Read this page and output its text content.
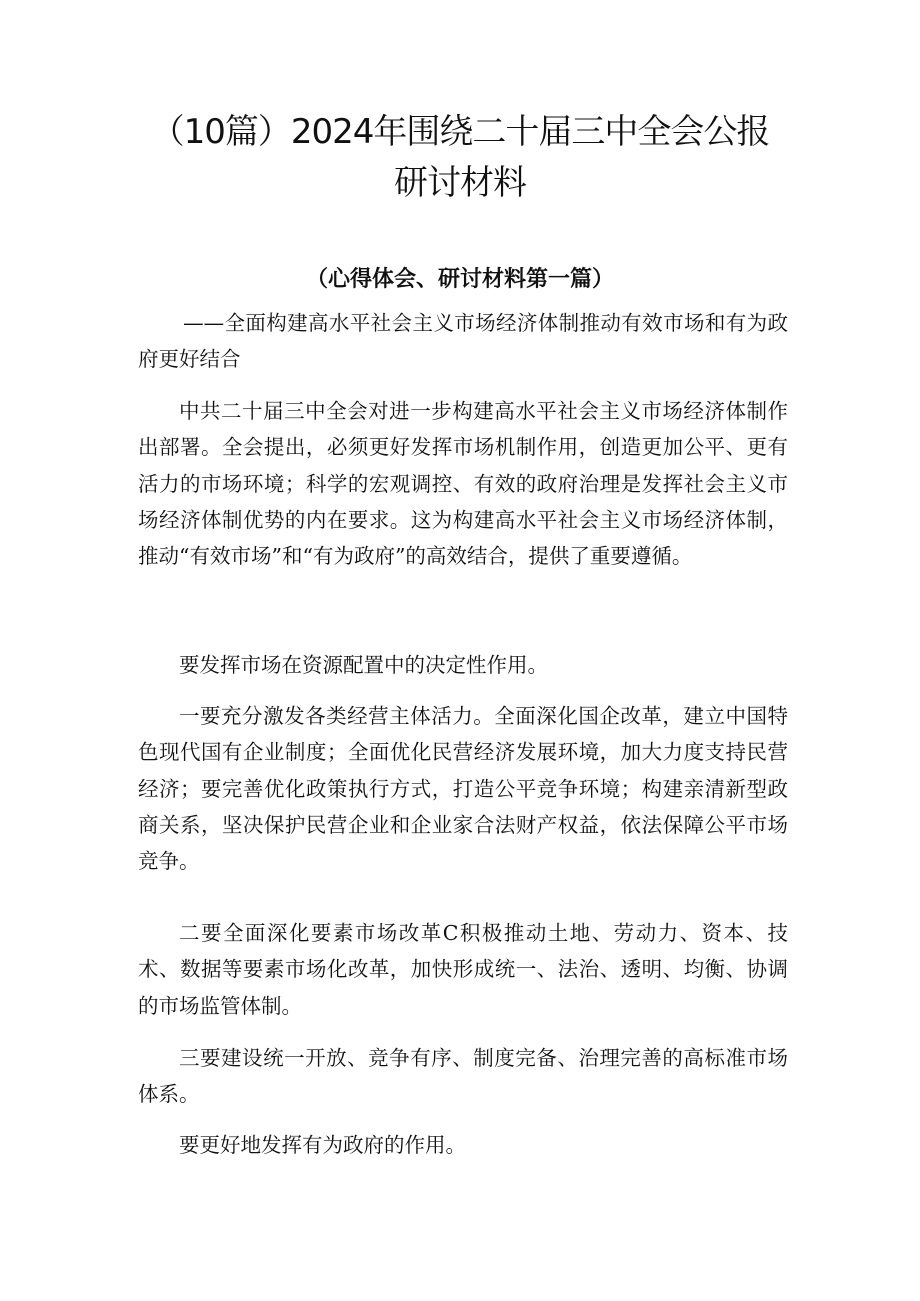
（10篇）2024年围绕二十届三中全会公报
研讨材料
（心得体会、研讨材料第一篇）

——全面构建高水平社会主义市场经济体制推动有效市场和有为政府更好结合

中共二十届三中全会对进一步构建高水平社会主义市场经济体制作出部署。全会提出，必须更好发挥市场机制作用，创造更加公平、更有活力的市场环境；科学的宏观调控、有效的政府治理是发挥社会主义市场经济体制优势的内在要求。这为构建高水平社会主义市场经济体制，推动“有效市场”和“有为政府”的高效结合，提供了重要遵循。

要发挥市场在资源配置中的决定性作用。

一要充分激发各类经营主体活力。全面深化国企改革，建立中国特色现代国有企业制度；全面优化民营经济发展环境，加大力度支持民营经济；要完善优化政策执行方式，打造公平竞争环境；构建亲清新型政商关系，坚决保护民营企业和企业家合法财产权益，依法保障公平市场竞争。

二要全面深化要素市场改革C积极推动土地、劳动力、资本、技术、数据等要素市场化改革，加快形成统一、法治、透明、均衡、协调的市场监管体制。

三要建设统一开放、竞争有序、制度完备、治理完善的高标准市场体系。

要更好地发挥有为政府的作用。
